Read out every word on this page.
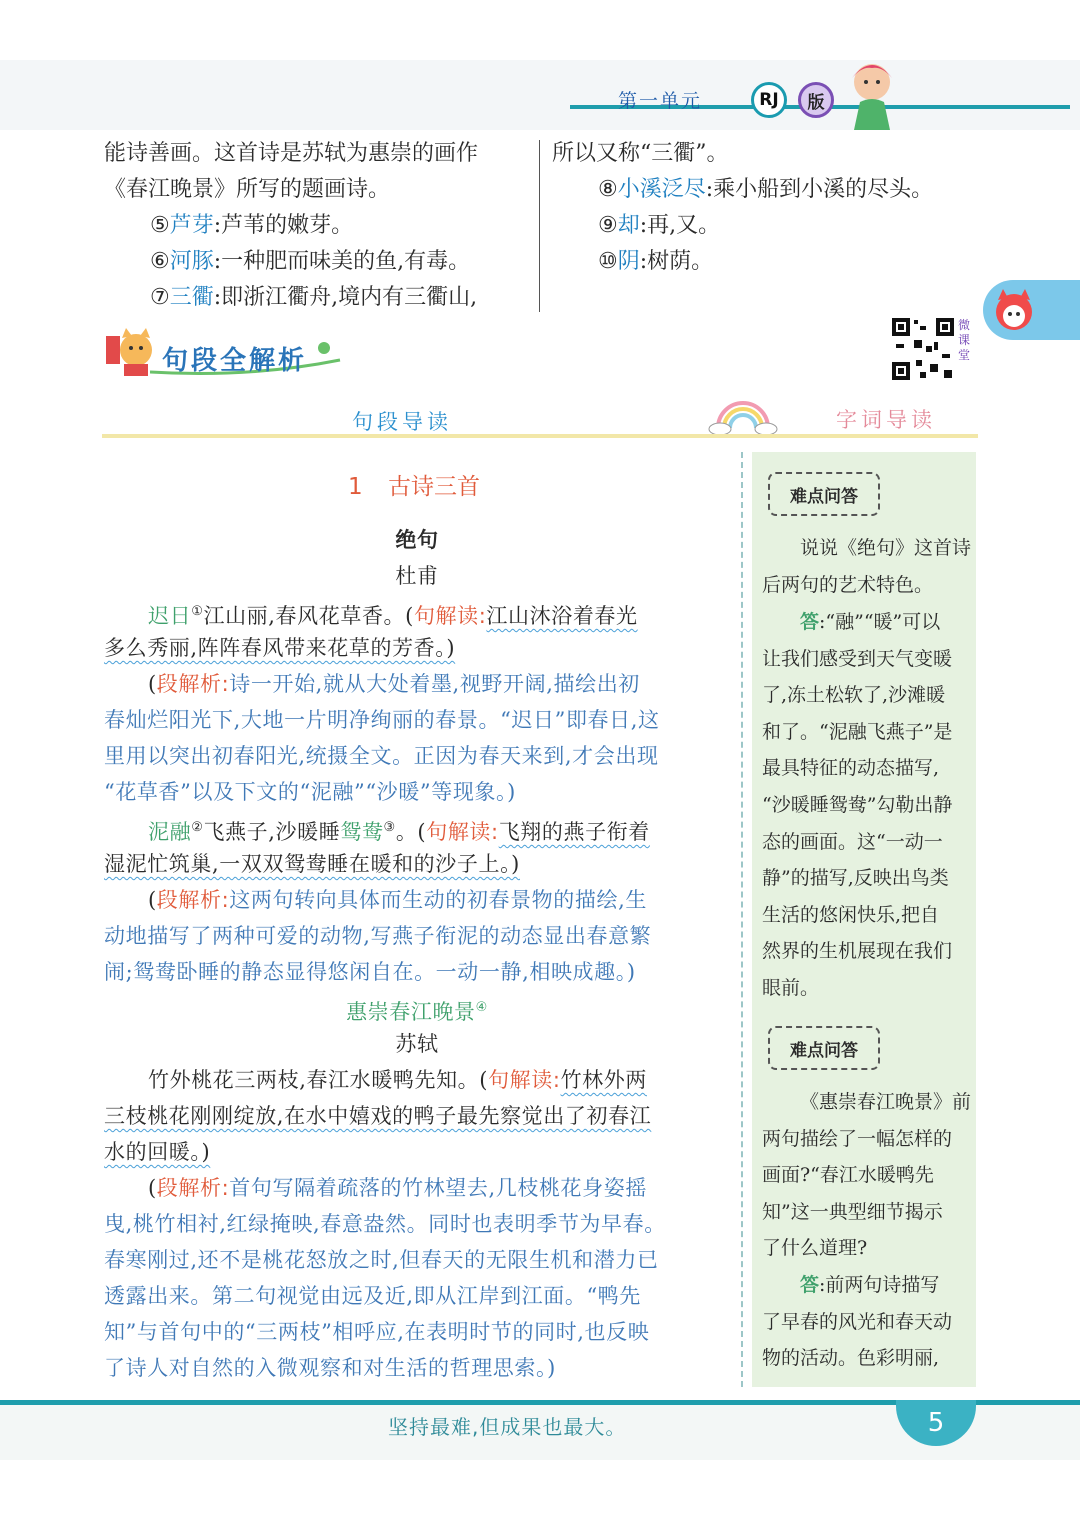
第一单元	RJ	版
能诗善画。这首诗是苏轼为惠崇的画作
《春江晚景》所写的题画诗。
⑤芦芽:芦苇的嫩芽。
⑥河豚:一种肥而味美的鱼,有毒。
⑦三衢:即浙江衢舟,境内有三衢山,
所以又称“三衢”。
⑧小溪泛尽:乘小船到小溪的尽头。
⑨却:再,又。
⑩阴:树荫。
句段全解析
微课堂
句段导读	字词导读
1 古诗三首
绝句
杜甫
迟日①江山丽,春风花草香。(句解读:江山沐浴着春光
多么秀丽,阵阵春风带来花草的芳香。)
(段解析:诗一开始,就从大处着墨,视野开阔,描绘出初
春灿烂阳光下,大地一片明净绚丽的春景。“迟日”即春日,这
里用以突出初春阳光,统摄全文。正因为春天来到,才会出现
“花草香”以及下文的“泥融”“沙暖”等现象。)
泥融②飞燕子,沙暖睡鸳鸯③。(句解读:飞翔的燕子衔着
湿泥忙筑巢,一双双鸳鸯睡在暖和的沙子上。)
(段解析:这两句转向具体而生动的初春景物的描绘,生
动地描写了两种可爱的动物,写燕子衔泥的动态显出春意繁
闹;鸳鸯卧睡的静态显得悠闲自在。一动一静,相映成趣。)
惠崇春江晚景④
苏轼
竹外桃花三两枝,春江水暖鸭先知。(句解读:竹林外两
三枝桃花刚刚绽放,在水中嬉戏的鸭子最先察觉出了初春江
水的回暖。)
(段解析:首句写隔着疏落的竹林望去,几枝桃花身姿摇
曳,桃竹相衬,红绿掩映,春意盎然。同时也表明季节为早春。
春寒刚过,还不是桃花怒放之时,但春天的无限生机和潜力已
透露出来。第二句视觉由远及近,即从江岸到江面。“鸭先
知”与首句中的“三两枝”相呼应,在表明时节的同时,也反映
了诗人对自然的入微观察和对生活的哲理思索。)
难点问答
说说《绝句》这首诗
后两句的艺术特色。
答:“融”“暖”可以
让我们感受到天气变暖
了,冻土松软了,沙滩暖
和了。“泥融飞燕子”是
最具特征的动态描写,
“沙暖睡鸳鸯”勾勒出静
态的画面。这“一动一
静”的描写,反映出鸟类
生活的悠闲快乐,把自
然界的生机展现在我们
眼前。
难点问答
《惠崇春江晚景》前
两句描绘了一幅怎样的
画面?“春江水暖鸭先
知”这一典型细节揭示
了什么道理?
答:前两句诗描写
了早春的风光和春天动
物的活动。色彩明丽,
坚持最难,但成果也最大。	5
